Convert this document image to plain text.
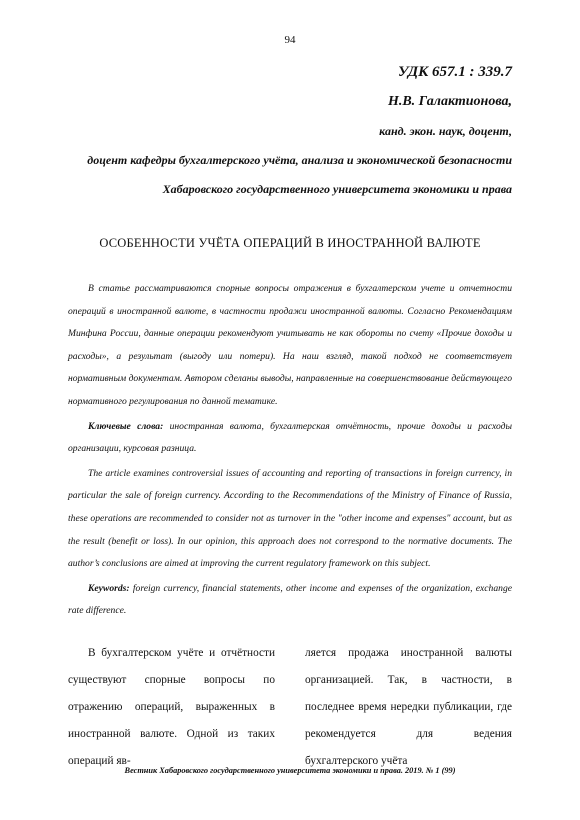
94
УДК 657.1 : 339.7
Н.В. Галактионова,
канд. экон. наук, доцент,
доцент кафедры бухгалтерского учёта, анализа и экономической безопасности
Хабаровского государственного университета экономики и права
ОСОБЕННОСТИ УЧЁТА ОПЕРАЦИЙ В ИНОСТРАННОЙ ВАЛЮТЕ

В статье рассматриваются спорные вопросы отражения в бухгалтерском учете и отчетности операций в иностранной валюте, в частности продажи иностранной валюты. Согласно Рекомендациям Минфина России, данные операции рекомендуют учитывать не как обороты по счету «Прочие доходы и расходы», а результат (выгоду или потери). На наш взгляд, такой подход не соответствует нормативным документам. Автором сделаны выводы, направленные на совершенствование действующего нормативного регулирования по данной тематике.

Ключевые слова: иностранная валюта, бухгалтерская отчётность, прочие доходы и расходы организации, курсовая разница.

The article examines controversial issues of accounting and reporting of transactions in foreign currency, in particular the sale of foreign currency. According to the Recommendations of the Ministry of Finance of Russia, these operations are recommended to consider not as turnover in the "other income and expenses" account, but as the result (benefit or loss). In our opinion, this approach does not correspond to the normative documents. The author’s conclusions are aimed at improving the current regulatory framework on this subject.

Keywords: foreign currency, financial statements, other income and expenses of the organization, exchange rate difference.

В бухгалтерском учёте и отчётности существуют спорные вопросы по отражению операций, выраженных в иностранной валюте. Одной из таких операций яв-

ляется продажа иностранной валюты организацией. Так, в частности, в последнее время нередки публикации, где рекомендуется для ведения бухгалтерского учёта

Вестник Хабаровского государственного университета экономики и права. 2019. № 1 (99)
